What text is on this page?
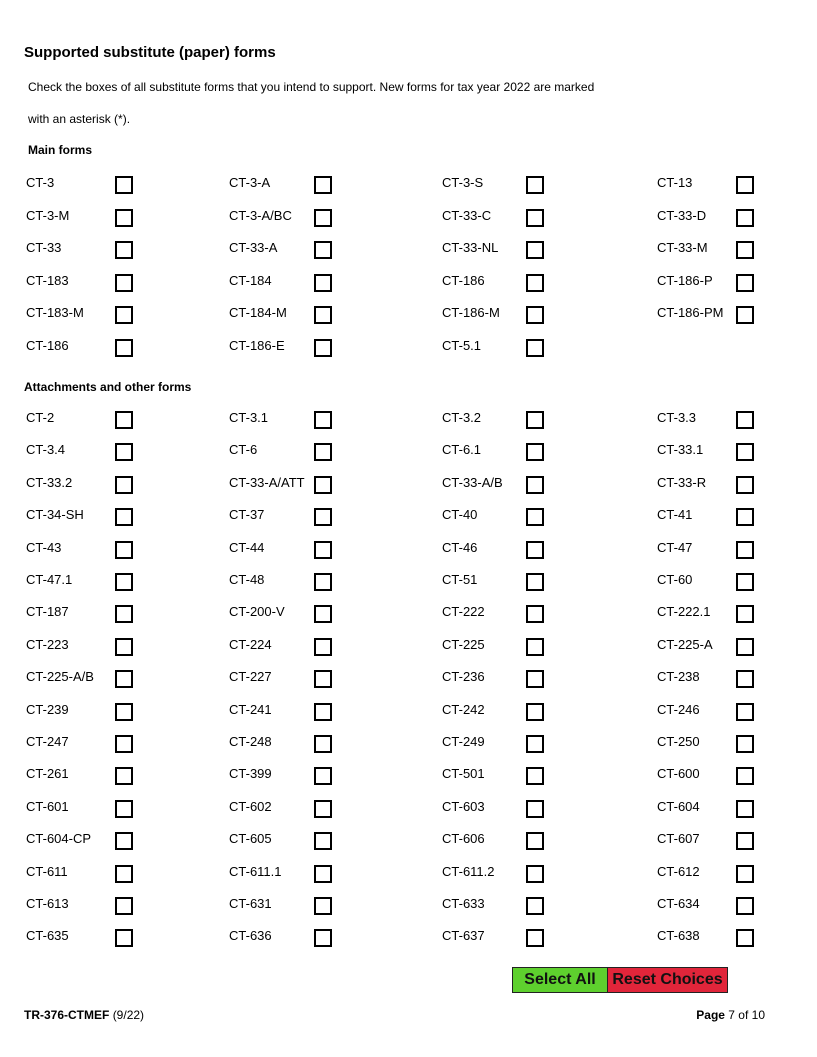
Supported substitute (paper) forms
Check the boxes of all substitute forms that you intend to support. New forms for tax year 2022 are marked
with an asterisk (*).
Main forms
CT-3	CT-3-A	CT-3-S	CT-13
CT-3-M	CT-3-A/BC	CT-33-C	CT-33-D
CT-33	CT-33-A	CT-33-NL	CT-33-M
CT-183	CT-184	CT-186	CT-186-P
CT-183-M	CT-184-M	CT-186-M	CT-186-PM
CT-186	CT-186-E	CT-5.1
Attachments and other forms
CT-2	CT-3.1	CT-3.2	CT-3.3
CT-3.4	CT-6	CT-6.1	CT-33.1
CT-33.2	CT-33-A/ATT	CT-33-A/B	CT-33-R
CT-34-SH	CT-37	CT-40	CT-41
CT-43	CT-44	CT-46	CT-47
CT-47.1	CT-48	CT-51	CT-60
CT-187	CT-200-V	CT-222	CT-222.1
CT-223	CT-224	CT-225	CT-225-A
CT-225-A/B	CT-227	CT-236	CT-238
CT-239	CT-241	CT-242	CT-246
CT-247	CT-248	CT-249	CT-250
CT-261	CT-399	CT-501	CT-600
CT-601	CT-602	CT-603	CT-604
CT-604-CP	CT-605	CT-606	CT-607
CT-611	CT-611.1	CT-611.2	CT-612
CT-613	CT-631	CT-633	CT-634
CT-635	CT-636	CT-637	CT-638
Select All	Reset Choices
TR-376-CTMEF (9/22)	Page 7 of 10
